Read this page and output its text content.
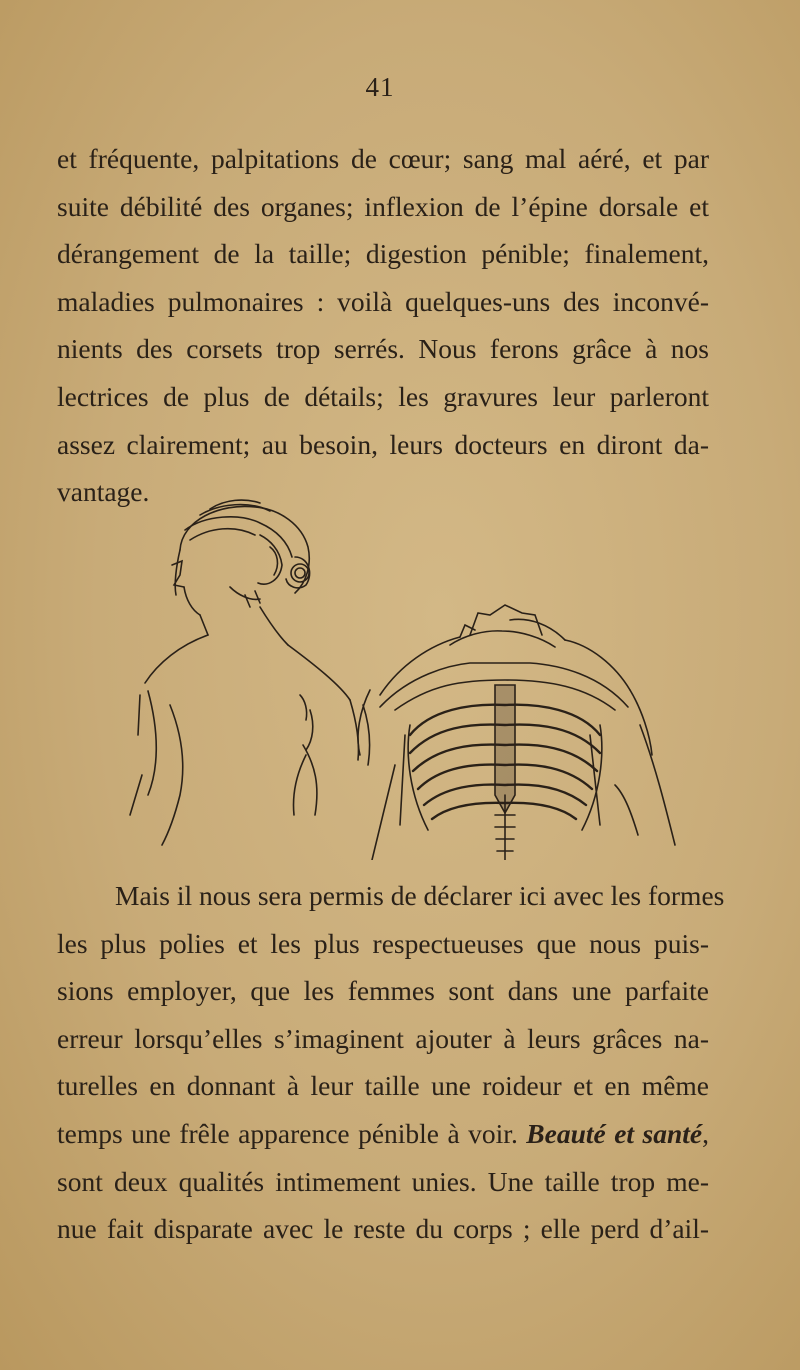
41

et fréquente, palpitations de cœur; sang mal aéré, et par
suite débilité des organes; inflexion de l’épine dorsale et
dérangement de la taille; digestion pénible; finalement,
maladies pulmonaires : voilà quelques-uns des inconvé-
nients des corsets trop serrés. Nous ferons grâce à nos
lectrices de plus de détails; les gravures leur parleront
assez clairement; au besoin, leurs docteurs en diront da-
vantage.

Mais il nous sera permis de déclarer ici avec les formes
les plus polies et les plus respectueuses que nous puis-
sions employer, que les femmes sont dans une parfaite
erreur lorsqu’elles s’imaginent ajouter à leurs grâces na-
turelles en donnant à leur taille une roideur et en même
temps une frêle apparence pénible à voir. Beauté et santé,
sont deux qualités intimement unies. Une taille trop me-
nue fait disparate avec le reste du corps ; elle perd d’ail-
